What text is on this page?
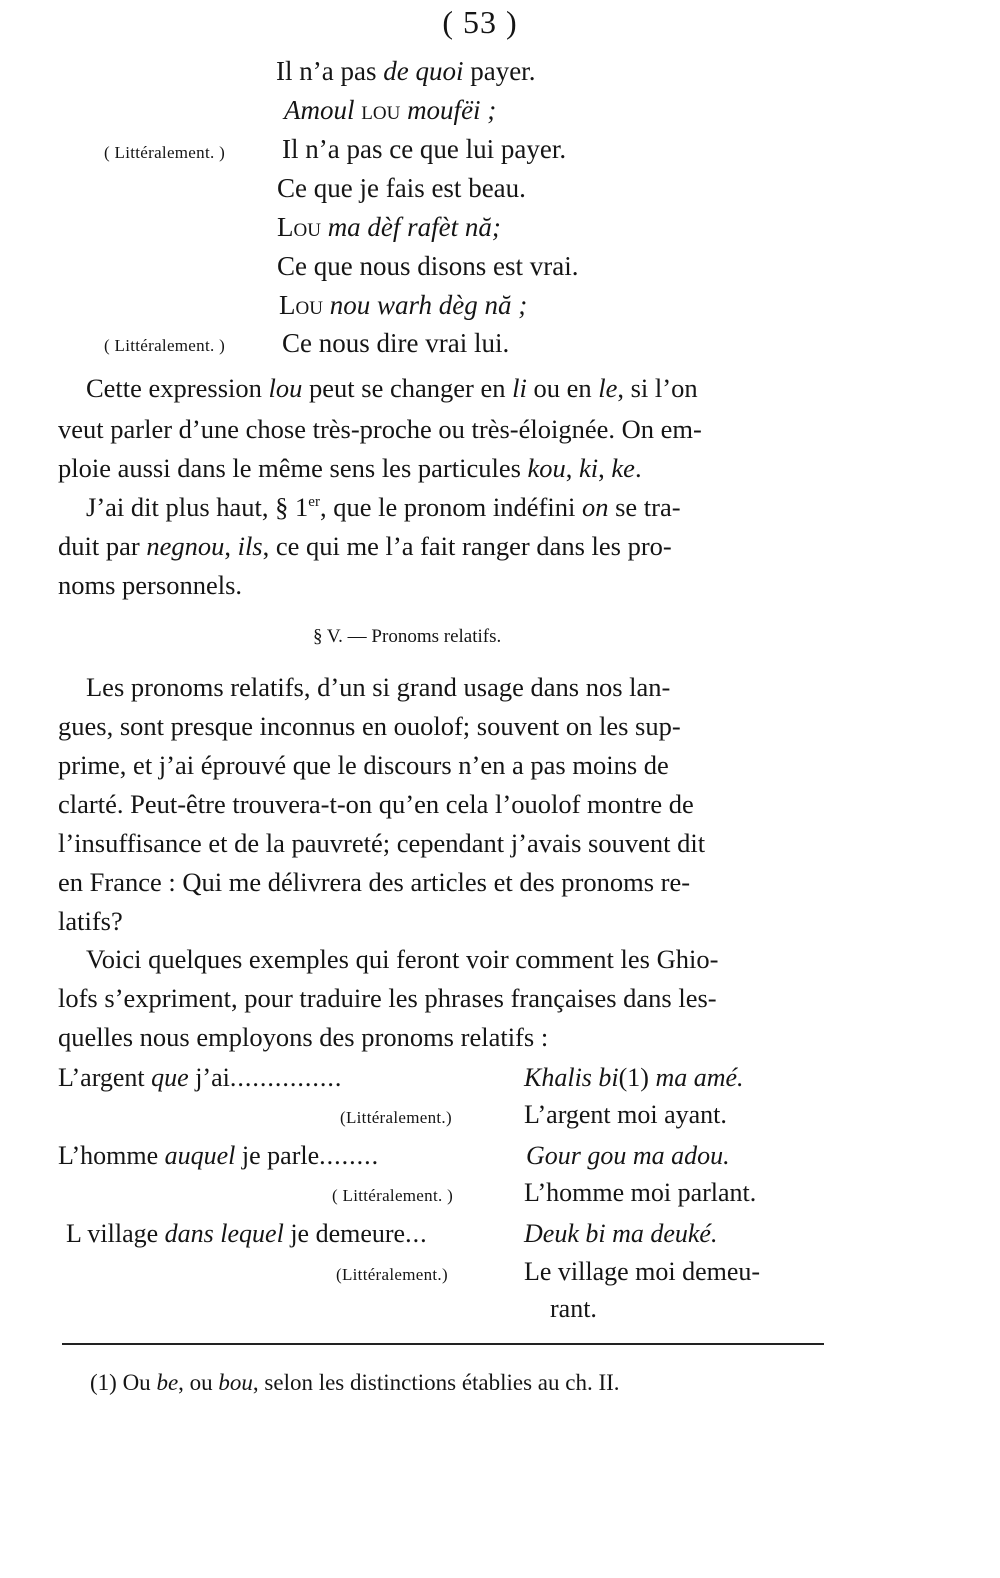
( 53 )
Il n’a pas de quoi payer.
Amoul lou moufëi ;
( Littéralement. ) Il n’a pas ce que lui payer.
Ce que je fais est beau.
Lou ma dèf rafèt nă;
Ce que nous disons est vrai.
Lou nou warh dèg nă ;
( Littéralement. ) Ce nous dire vrai lui.
Cette expression lou peut se changer en li ou en le, si l’on
veut parler d’une chose très-proche ou très-éloignée. On em-
ploie aussi dans le même sens les particules kou, ki, ke.
J’ai dit plus haut, § 1er, que le pronom indéfini on se tra-
duit par negnou, ils, ce qui me l’a fait ranger dans les pro-
noms personnels.
§ V. — Pronoms relatifs.
Les pronoms relatifs, d’un si grand usage dans nos lan-
gues, sont presque inconnus en ouolof; souvent on les sup-
prime, et j’ai éprouvé que le discours n’en a pas moins de
clarté. Peut-être trouvera-t-on qu’en cela l’ouolof montre de
l’insuffisance et de la pauvreté; cependant j’avais souvent dit
en France : Qui me délivrera des articles et des pronoms re-
latifs?
Voici quelques exemples qui feront voir comment les Ghio-
lofs s’expriment, pour traduire les phrases françaises dans les-
quelles nous employons des pronoms relatifs :
L’argent que j’ai...............	Khalis bi(1) ma amé.
(Littéralement.)	L’argent moi ayant.
L’homme auquel je parle........	Gour gou ma adou.
( Littéralement. )	L’homme moi parlant.
L village dans lequel je demeure...	Deuk bi ma deuké.
(Littéralement.)	Le village moi demeu-
rant.
(1) Ou be, ou bou, selon les distinctions établies au ch. II.
